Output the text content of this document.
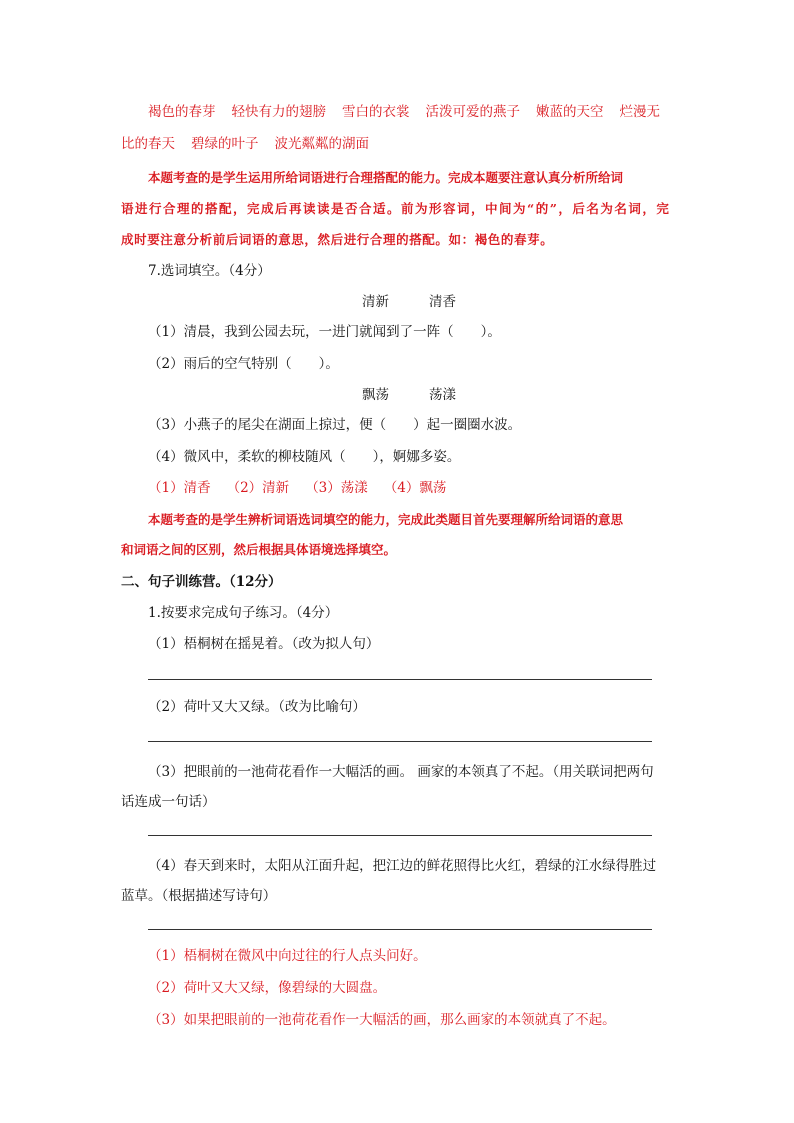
褐色的春芽 轻快有力的翅膀 雪白的衣裳 活泼可爱的燕子 嫩蓝的天空 烂漫无
比的春天 碧绿的叶子 波光粼粼的湖面
本题考查的是学生运用所给词语进行合理搭配的能力。完成本题要注意认真分析所给词
语进行合理的搭配，完成后再读读是否合适。前为形容词，中间为“的”，后名为名词，完
成时要注意分析前后词语的意思，然后进行合理的搭配。如：褐色的春芽。
7.选词填空。（4分）
清新	清香
（1）清晨，我到公园去玩，一进门就闻到了一阵（　　）。
（2）雨后的空气特别（　　）。
飘荡	荡漾
（3）小燕子的尾尖在湖面上掠过，便（　　）起一圈圈水波。
（4）微风中，柔软的柳枝随风（　　），婀娜多姿。
（1）清香 （2）清新 （3）荡漾 （4）飘荡
本题考查的是学生辨析词语选词填空的能力，完成此类题目首先要理解所给词语的意思
和词语之间的区别，然后根据具体语境选择填空。
二、句子训练营。（12分）
1.按要求完成句子练习。（4分）
（1）梧桐树在摇晃着。（改为拟人句）
（2）荷叶又大又绿。（改为比喻句）
（3）把眼前的一池荷花看作一大幅活的画。 画家的本领真了不起。（用关联词把两句
话连成一句话）
（4）春天到来时，太阳从江面升起，把江边的鲜花照得比火红，碧绿的江水绿得胜过
蓝草。（根据描述写诗句）
（1）梧桐树在微风中向过往的行人点头问好。
（2）荷叶又大又绿，像碧绿的大圆盘。
（3）如果把眼前的一池荷花看作一大幅活的画，那么画家的本领就真了不起。
